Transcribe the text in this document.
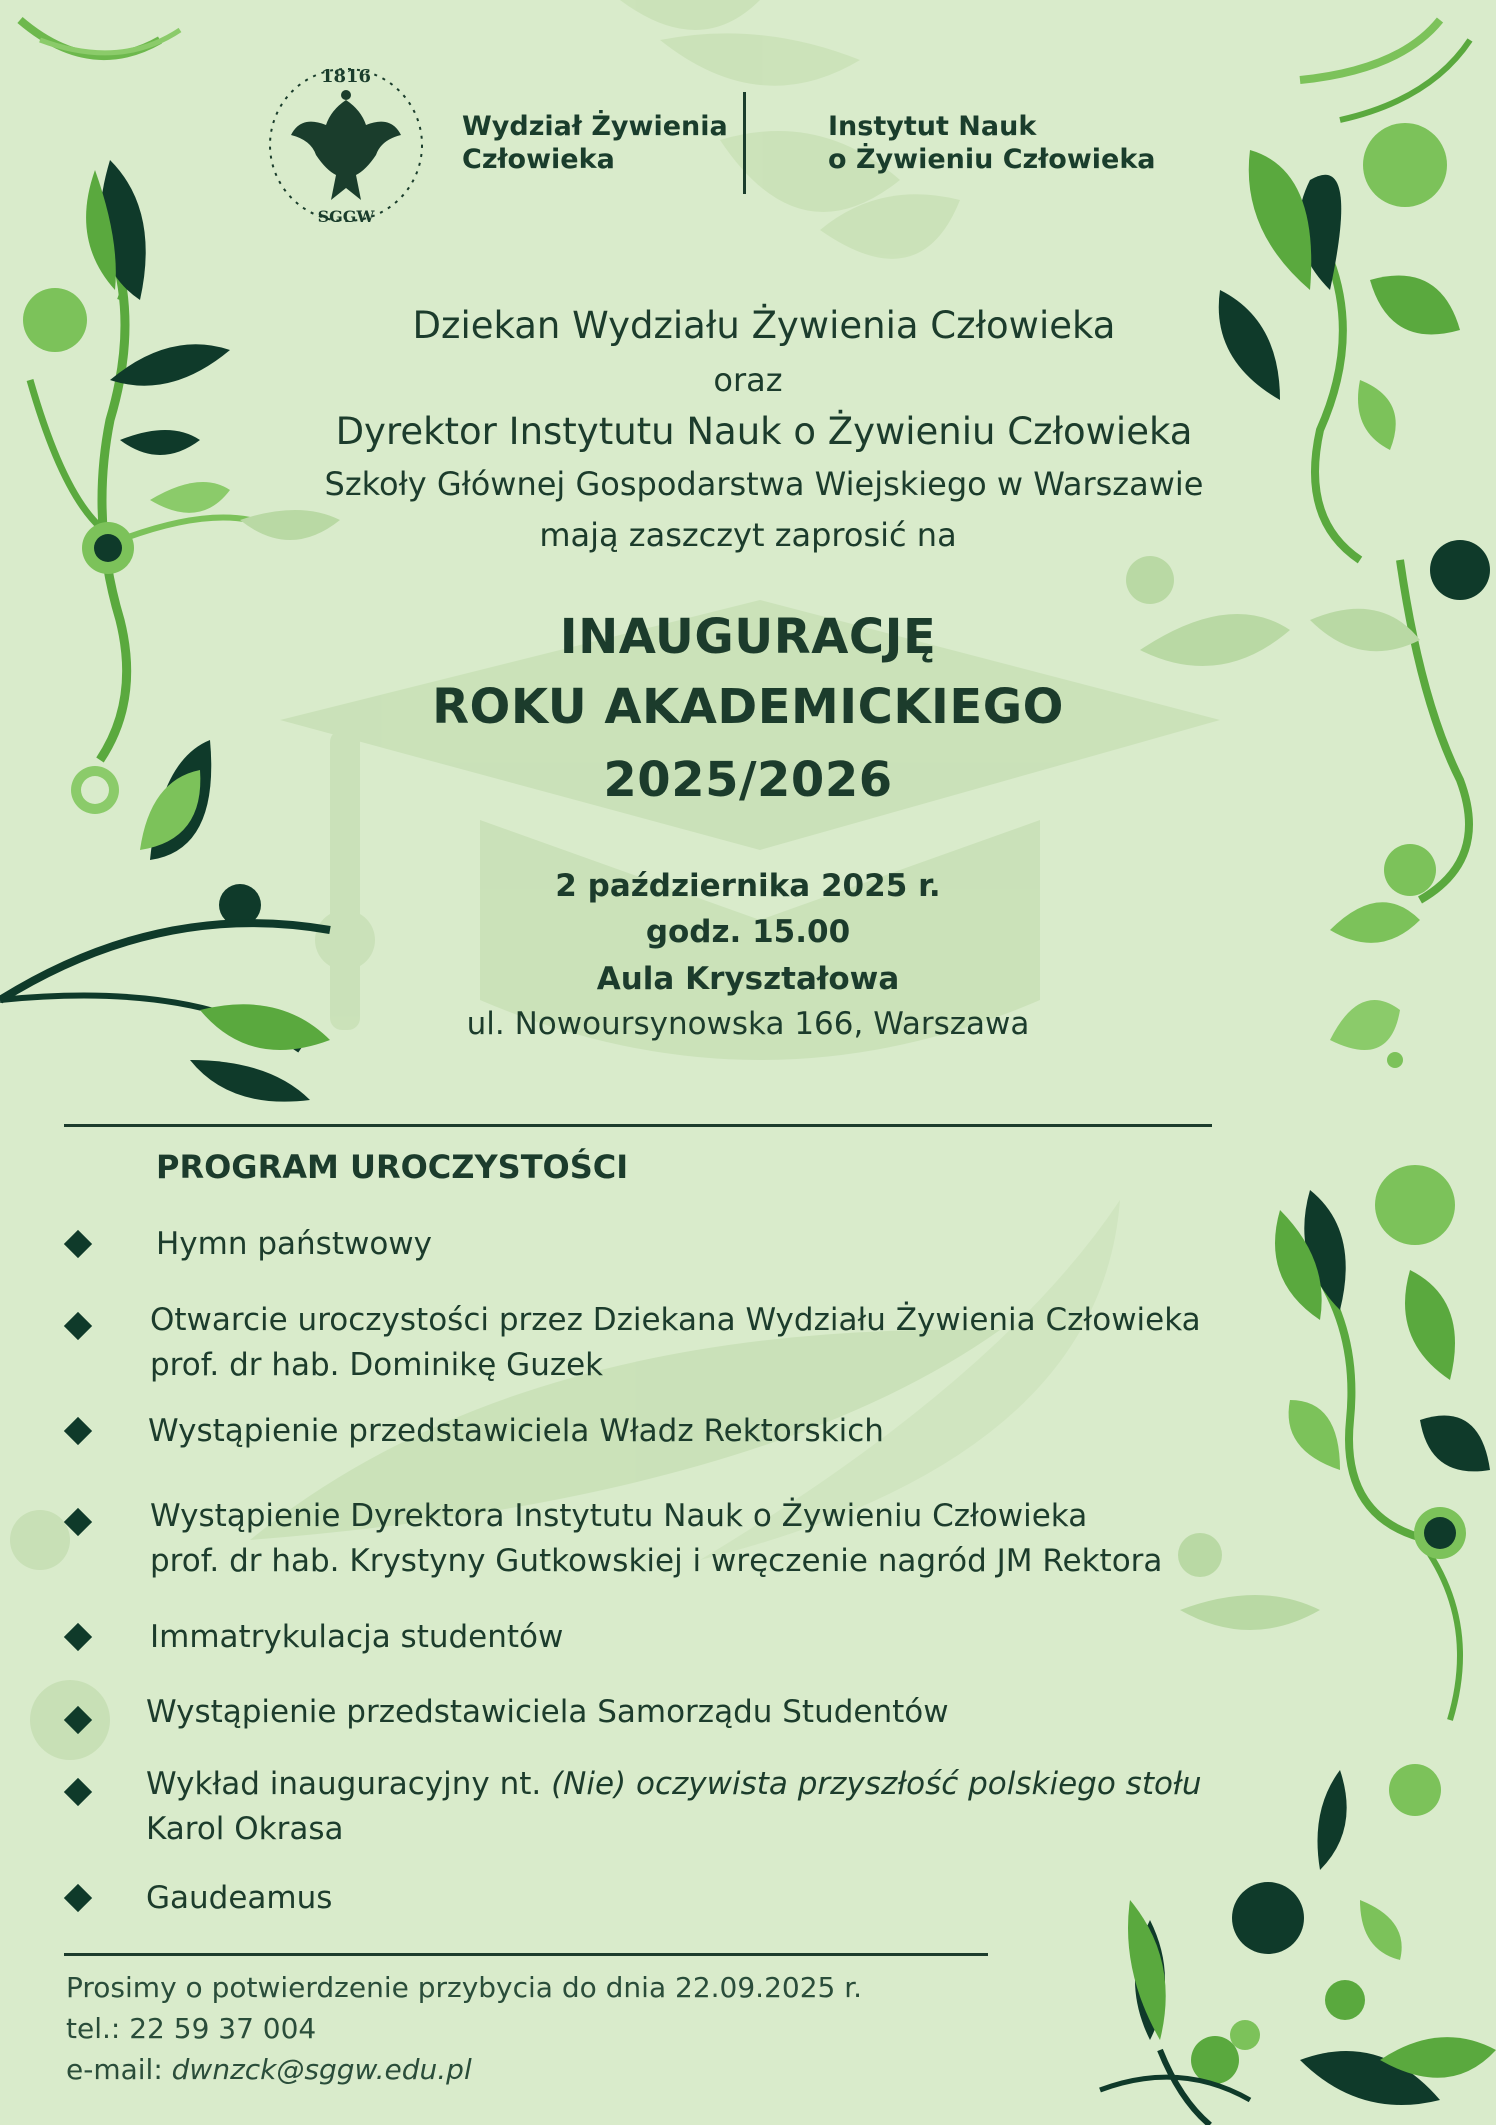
1816
SGGW
Wydział Żywienia
Człowieka
Instytut Nauk
o Żywieniu Człowieka
Dziekan Wydziału Żywienia Człowieka
oraz
Dyrektor Instytutu Nauk o Żywieniu Człowieka
Szkoły Głównej Gospodarstwa Wiejskiego w Warszawie
mają zaszczyt zaprosić na
INAUGURACJĘ
ROKU AKADEMICKIEGO
2025/2026
2 października 2025 r.
godz. 15.00
Aula Kryształowa
ul. Nowoursynowska 166, Warszawa
PROGRAM UROCZYSTOŚCI
Hymn państwowy
Otwarcie uroczystości przez Dziekana Wydziału Żywienia Człowieka
prof. dr hab. Dominikę Guzek
Wystąpienie przedstawiciela Władz Rektorskich
Wystąpienie Dyrektora Instytutu Nauk o Żywieniu Człowieka
prof. dr hab. Krystyny Gutkowskiej i wręczenie nagród JM Rektora
Immatrykulacja studentów
Wystąpienie przedstawiciela Samorządu Studentów
Wykład inauguracyjny nt. (Nie) oczywista przyszłość polskiego stołu
Karol Okrasa
Gaudeamus
Prosimy o potwierdzenie przybycia do dnia 22.09.2025 r.
tel.: 22 59 37 004
e-mail: dwnzck@sggw.edu.pl
